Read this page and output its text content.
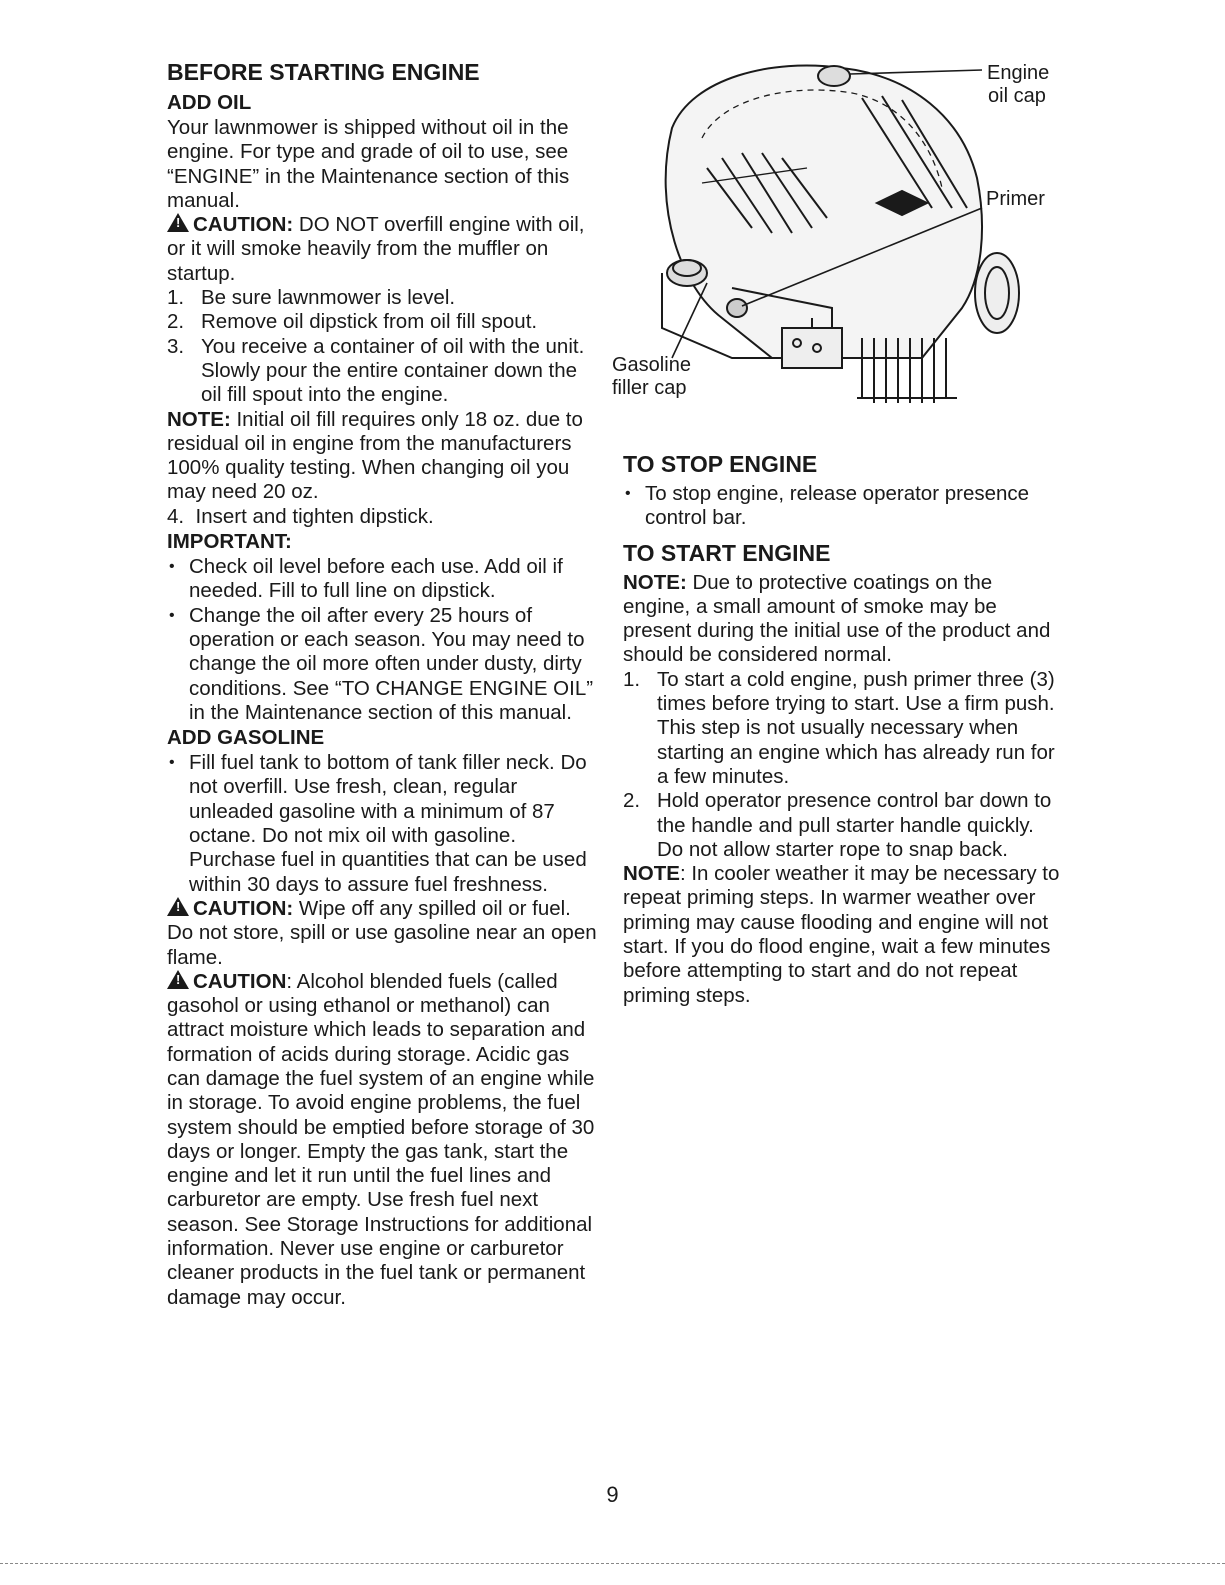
BEFORE STARTING ENGINE
ADD OIL

Your lawnmower is shipped without oil in the engine. For type and grade of oil to use, see “ENGINE” in the Maintenance section of this manual.

!CAUTION: DO NOT overfill engine with oil, or it will smoke heavily from the muffler on startup.

1. Be sure lawnmower is level.
2. Remove oil dipstick from oil fill spout.
3. You receive a container of oil with the unit. Slowly pour the entire container down the oil fill spout into the engine.

NOTE: Initial oil fill requires only 18 oz. due to residual oil in engine from the manufacturers 100% quality testing. When changing oil you may need 20 oz.

4. Insert and tighten dipstick.

IMPORTANT:
• Check oil level before each use. Add oil if needed. Fill to full line on dipstick.
• Change the oil after every 25 hours of operation or each season. You may need to change the oil more often under dusty, dirty conditions. See “TO CHANGE ENGINE OIL” in the Maintenance section of this manual.
ADD GASOLINE
• Fill fuel tank to bottom of tank filler neck. Do not overfill. Use fresh, clean, regular unleaded gasoline with a minimum of 87 octane. Do not mix oil with gasoline. Purchase fuel in quantities that can be used within 30 days to assure fuel freshness.

!CAUTION: Wipe off any spilled oil or fuel. Do not store, spill or use gasoline near an open flame.

!CAUTION: Alcohol blended fuels (called gasohol or using ethanol or methanol) can attract moisture which leads to separation and formation of acids during storage. Acidic gas can damage the fuel system of an engine while in storage. To avoid engine problems, the fuel system should be emptied before storage of 30 days or longer. Empty the gas tank, start the engine and let it run until the fuel lines and carburetor are empty. Use fresh fuel next season. See Storage Instructions for additional information. Never use engine or carburetor cleaner products in the fuel tank or permanent damage may occur.

Engine
oil cap
Primer
Gasoline
filler cap
TO STOP ENGINE
• To stop engine, release operator presence control bar.
TO START ENGINE

NOTE: Due to protective coatings on the engine, a small amount of smoke may be present during the initial use of the product and should be considered normal.

1. To start a cold engine, push primer three (3) times before trying to start. Use a firm push. This step is not usually necessary when starting an engine which has already run for a few minutes.
2. Hold operator presence control bar down to the handle and pull starter handle quickly. Do not allow starter rope to snap back.

NOTE: In cooler weather it may be necessary to repeat priming steps. In warmer weather over priming may cause flooding and engine will not start. If you do flood engine, wait a few minutes before attempting to start and do not repeat priming steps.

9
